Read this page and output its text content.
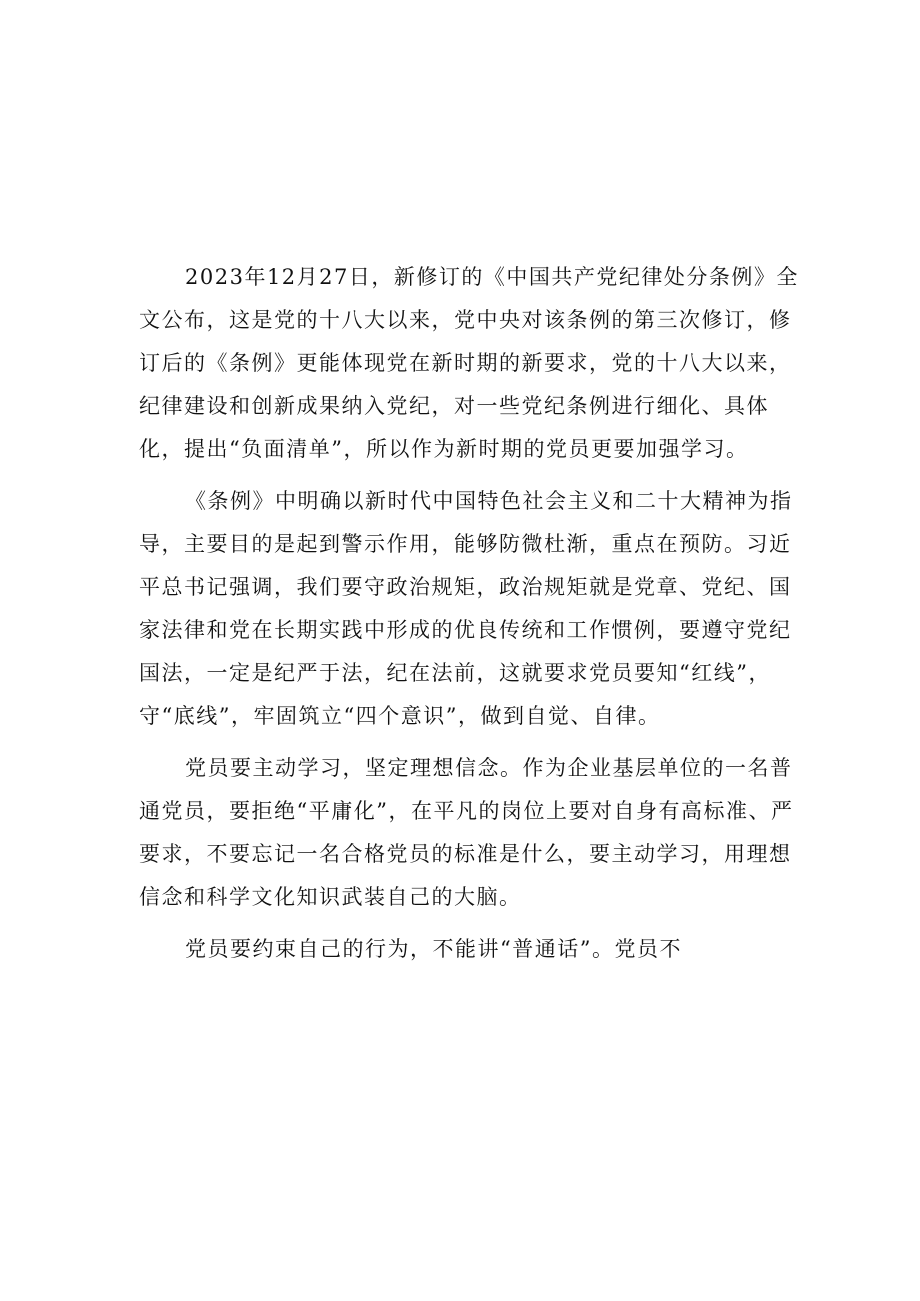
2023年12月27日，新修订的《中国共产党纪律处分条例》全文公布，这是党的十八大以来，党中央对该条例的第三次修订，修订后的《条例》更能体现党在新时期的新要求，党的十八大以来，纪律建设和创新成果纳入党纪，对一些党纪条例进行细化、具体化，提出“负面清单”，所以作为新时期的党员更要加强学习。

《条例》中明确以新时代中国特色社会主义和二十大精神为指导，主要目的是起到警示作用，能够防微杜渐，重点在预防。习近平总书记强调，我们要守政治规矩，政治规矩就是党章、党纪、国家法律和党在长期实践中形成的优良传统和工作惯例，要遵守党纪国法，一定是纪严于法，纪在法前，这就要求党员要知“红线”，守“底线”，牢固筑立“四个意识”，做到自觉、自律。

党员要主动学习，坚定理想信念。作为企业基层单位的一名普通党员，要拒绝“平庸化”，在平凡的岗位上要对自身有高标准、严要求，不要忘记一名合格党员的标准是什么，要主动学习，用理想信念和科学文化知识武装自己的大脑。

党员要约束自己的行为，不能讲“普通话”。党员不
